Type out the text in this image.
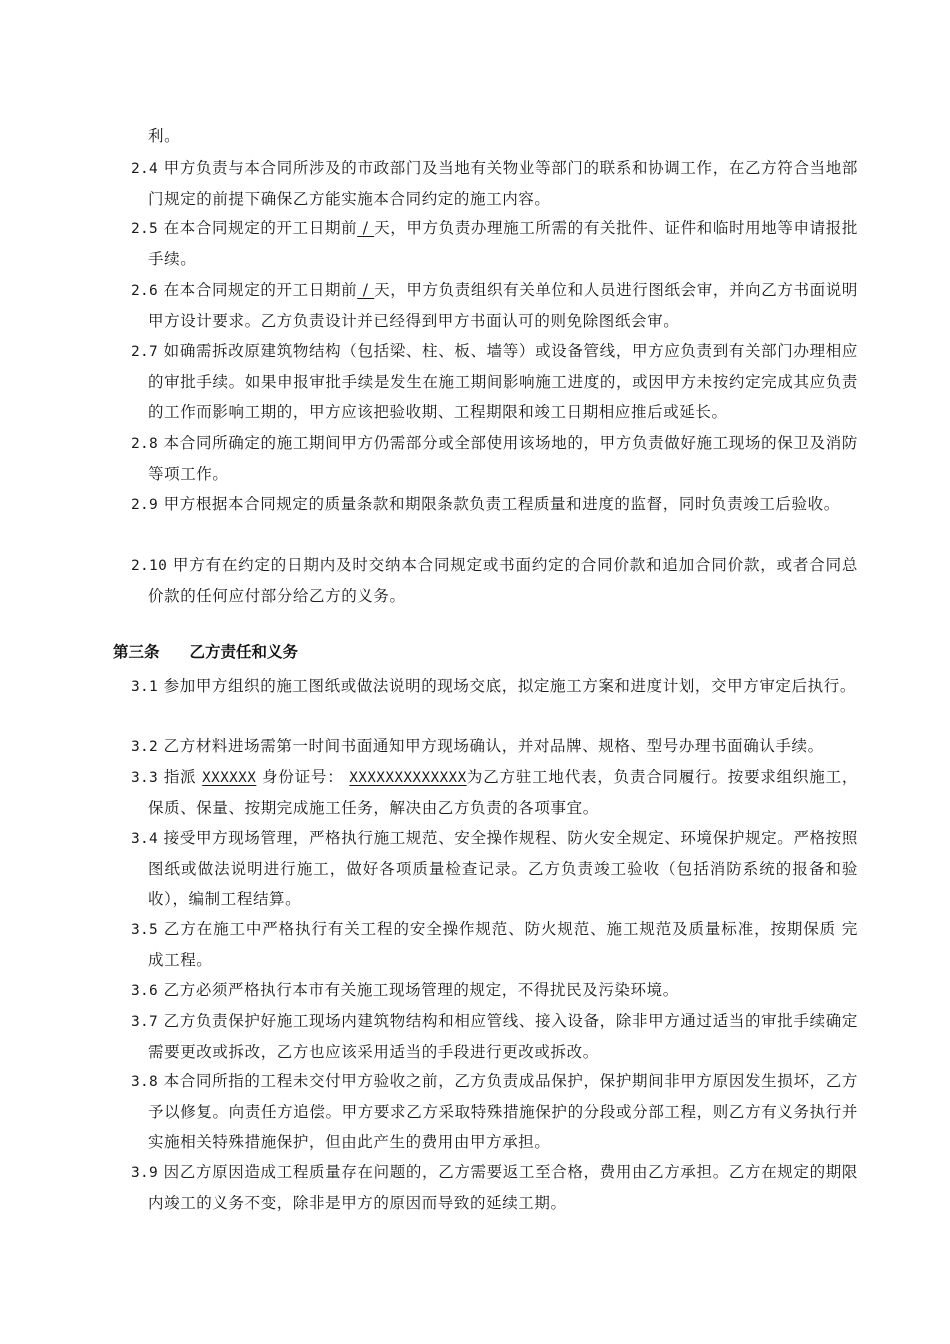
利。
2.4 甲方负责与本合同所涉及的市政部门及当地有关物业等部门的联系和协调工作，在乙方符合当地部门规定的前提下确保乙方能实施本合同约定的施工内容。
2.5 在本合同规定的开工日期前 / 天，甲方负责办理施工所需的有关批件、证件和临时用地等申请报批手续。
2.6 在本合同规定的开工日期前 / 天，甲方负责组织有关单位和人员进行图纸会审，并向乙方书面说明甲方设计要求。乙方负责设计并已经得到甲方书面认可的则免除图纸会审。
2.7 如确需拆改原建筑物结构（包括梁、柱、板、墙等）或设备管线，甲方应负责到有关部门办理相应的审批手续。如果申报审批手续是发生在施工期间影响施工进度的，或因甲方未按约定完成其应负责的工作而影响工期的，甲方应该把验收期、工程期限和竣工日期相应推后或延长。
2.8 本合同所确定的施工期间甲方仍需部分或全部使用该场地的，甲方负责做好施工现场的保卫及消防等项工作。
2.9 甲方根据本合同规定的质量条款和期限条款负责工程质量和进度的监督，同时负责竣工后验收。
2.10 甲方有在约定的日期内及时交纳本合同规定或书面约定的合同价款和追加合同价款，或者合同总价款的任何应付部分给乙方的义务。
第三条 乙方责任和义务
3.1 参加甲方组织的施工图纸或做法说明的现场交底，拟定施工方案和进度计划，交甲方审定后执行。
3.2 乙方材料进场需第一时间书面通知甲方现场确认，并对品牌、规格、型号办理书面确认手续。
3.3 指派 XXXXXX 身份证号： XXXXXXXXXXXXX为乙方驻工地代表，负责合同履行。按要求组织施工，保质、保量、按期完成施工任务，解决由乙方负责的各项事宜。
3.4 接受甲方现场管理，严格执行施工规范、安全操作规程、防火安全规定、环境保护规定。严格按照图纸或做法说明进行施工，做好各项质量检查记录。乙方负责竣工验收（包括消防系统的报备和验收），编制工程结算。
3.5 乙方在施工中严格执行有关工程的安全操作规范、防火规范、施工规范及质量标准，按期保质 完成工程。
3.6 乙方必须严格执行本市有关施工现场管理的规定，不得扰民及污染环境。
3.7 乙方负责保护好施工现场内建筑物结构和相应管线、接入设备，除非甲方通过适当的审批手续确定需要更改或拆改，乙方也应该采用适当的手段进行更改或拆改。
3.8 本合同所指的工程未交付甲方验收之前，乙方负责成品保护，保护期间非甲方原因发生损坏，乙方予以修复。向责任方追偿。甲方要求乙方采取特殊措施保护的分段或分部工程，则乙方有义务执行并实施相关特殊措施保护，但由此产生的费用由甲方承担。
3.9 因乙方原因造成工程质量存在问题的，乙方需要返工至合格，费用由乙方承担。乙方在规定的期限内竣工的义务不变，除非是甲方的原因而导致的延续工期。
